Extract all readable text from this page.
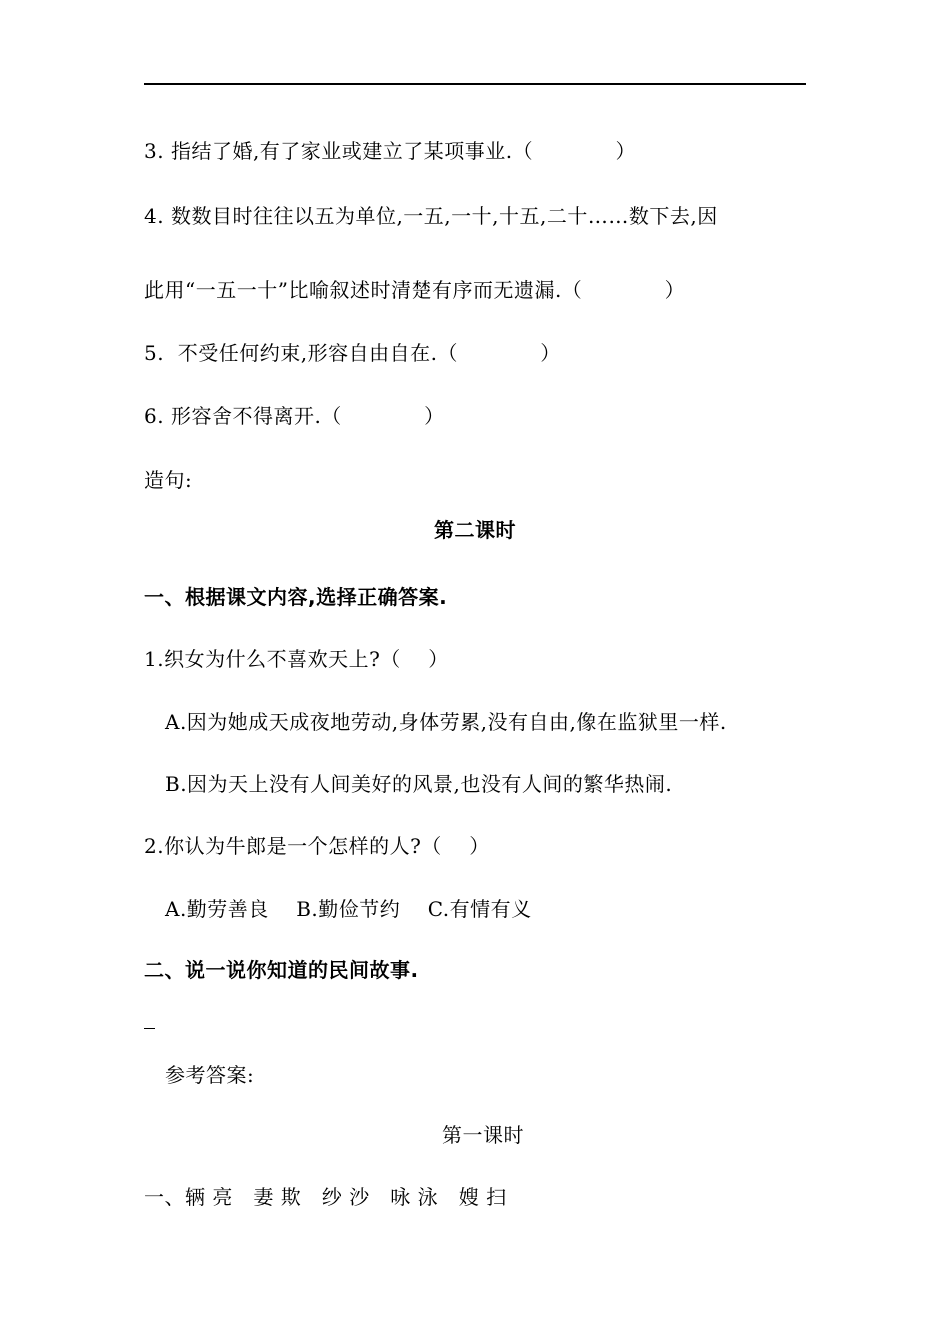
3. 指结了婚,有了家业或建立了某项事业.（            ）
4. 数数目时往往以五为单位,一五,一十,十五,二十……数下去,因
此用“一五一十”比喻叙述时清楚有序而无遗漏.（            ）
5.  不受任何约束,形容自由自在.（            ）
6. 形容舍不得离开.（            ）
造句:
第二课时
一、根据课文内容,选择正确答案.
1.织女为什么不喜欢天上?（    ）
A.因为她成天成夜地劳动,身体劳累,没有自由,像在监狱里一样.
B.因为天上没有人间美好的风景,也没有人间的繁华热闹.
2.你认为牛郎是一个怎样的人?（    ）
A.勤劳善良    B.勤俭节约    C.有情有义
二、说一说你知道的民间故事.
参考答案:
第一课时
一、辆 亮   妻 欺   纱 沙   咏 泳   嫂 扫
